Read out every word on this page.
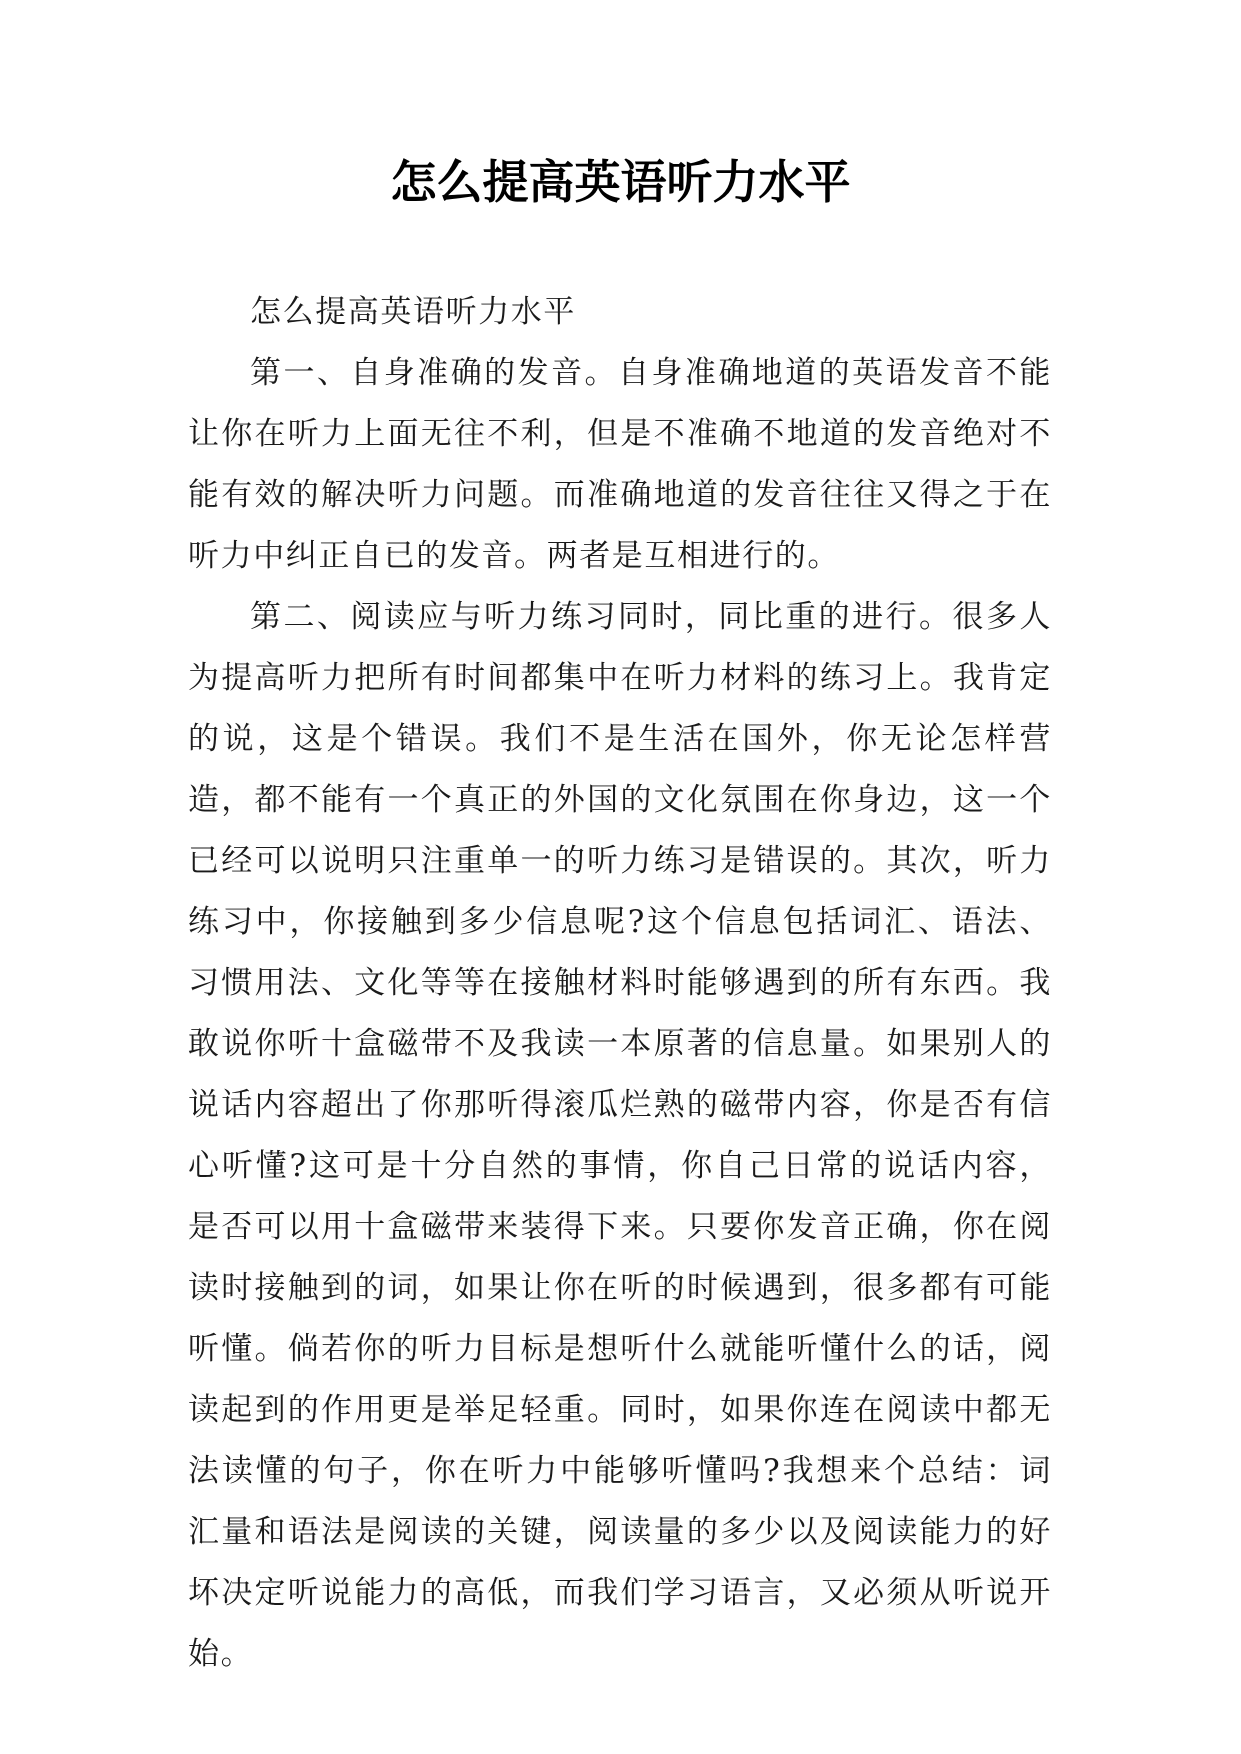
怎么提高英语听力水平

怎么提高英语听力水平

第一、自身准确的发音。自身准确地道的英语发音不能让你在听力上面无往不利，但是不准确不地道的发音绝对不能有效的解决听力问题。而准确地道的发音往往又得之于在听力中纠正自已的发音。两者是互相进行的。

第二、阅读应与听力练习同时，同比重的进行。很多人为提高听力把所有时间都集中在听力材料的练习上。我肯定的说，这是个错误。我们不是生活在国外，你无论怎样营造，都不能有一个真正的外国的文化氛围在你身边，这一个已经可以说明只注重单一的听力练习是错误的。其次，听力练习中，你接触到多少信息呢?这个信息包括词汇、语法、习惯用法、文化等等在接触材料时能够遇到的所有东西。我敢说你听十盒磁带不及我读一本原著的信息量。如果别人的说话内容超出了你那听得滚瓜烂熟的磁带内容，你是否有信心听懂?这可是十分自然的事情，你自己日常的说话内容，是否可以用十盒磁带来装得下来。只要你发音正确，你在阅读时接触到的词，如果让你在听的时候遇到，很多都有可能听懂。倘若你的听力目标是想听什么就能听懂什么的话，阅读起到的作用更是举足轻重。同时，如果你连在阅读中都无法读懂的句子，你在听力中能够听懂吗?我想来个总结：词汇量和语法是阅读的关键，阅读量的多少以及阅读能力的好坏决定听说能力的高低，而我们学习语言，又必须从听说开始。
